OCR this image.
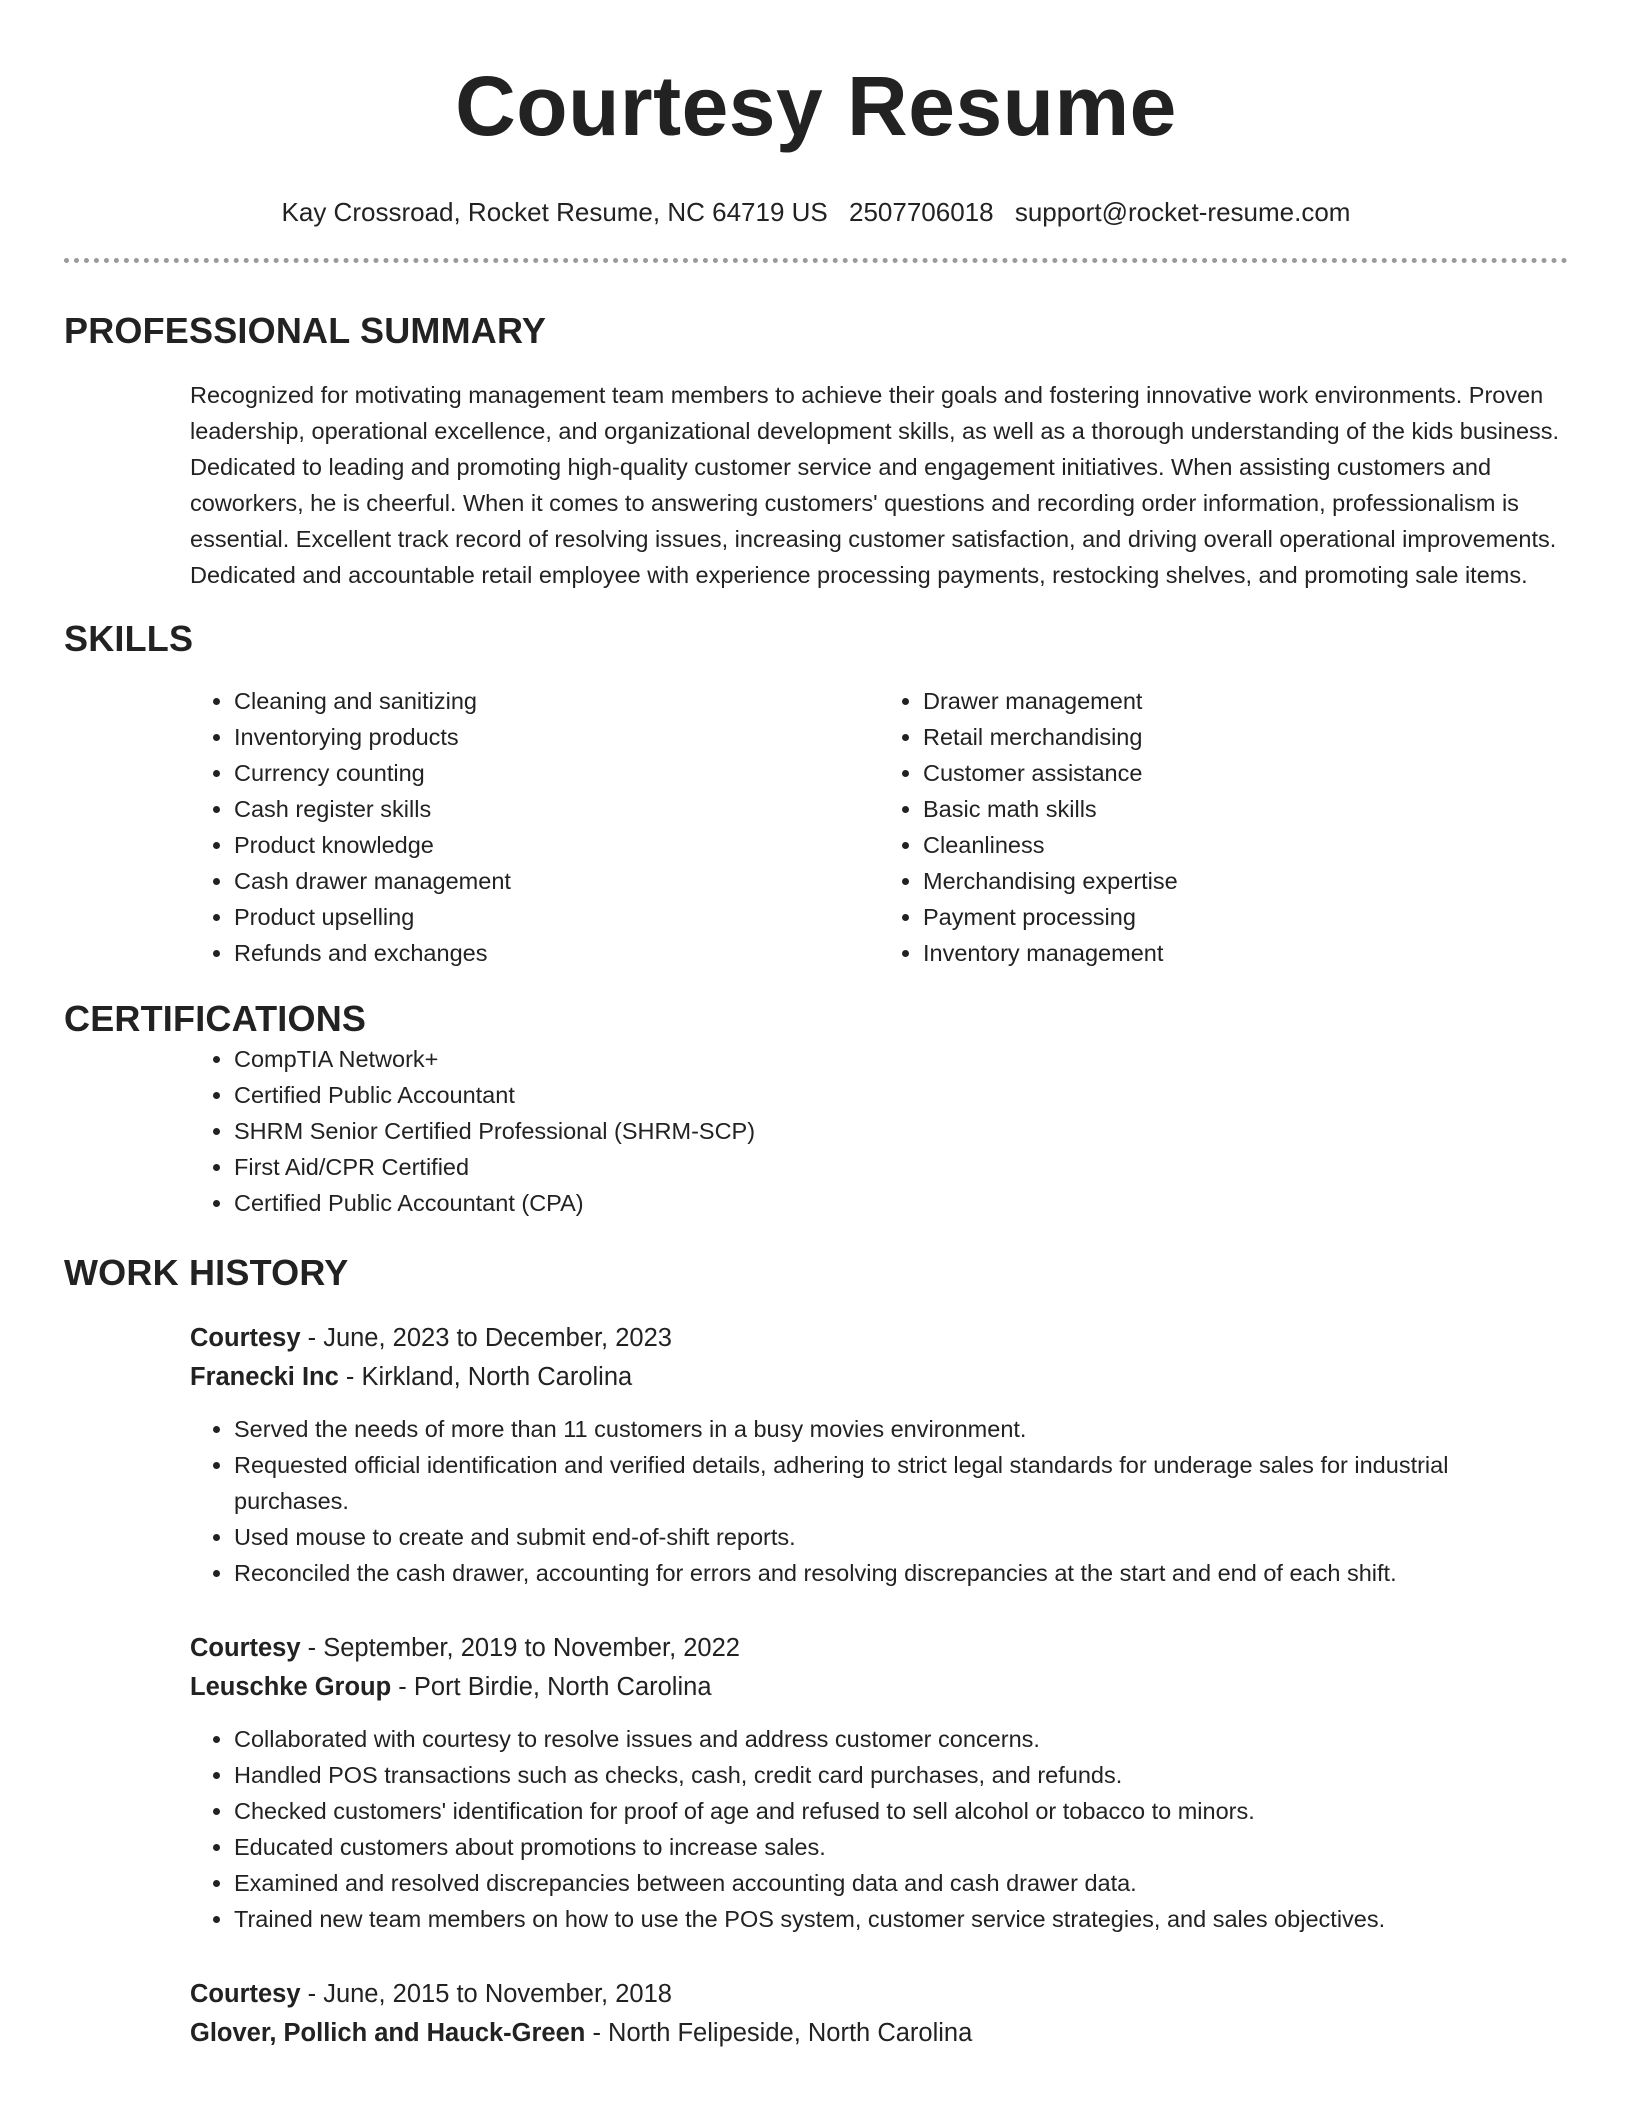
Courtesy Resume
Kay Crossroad, Rocket Resume, NC 64719 US 2507706018 support@rocket-resume.com
PROFESSIONAL SUMMARY

Recognized for motivating management team members to achieve their goals and fostering innovative work environments. Proven leadership, operational excellence, and organizational development skills, as well as a thorough understanding of the kids business. Dedicated to leading and promoting high-quality customer service and engagement initiatives. When assisting customers and coworkers, he is cheerful. When it comes to answering customers' questions and recording order information, professionalism is essential. Excellent track record of resolving issues, increasing customer satisfaction, and driving overall operational improvements. Dedicated and accountable retail employee with experience processing payments, restocking shelves, and promoting sale items.

SKILLS
• Cleaning and sanitizing
• Inventorying products
• Currency counting
• Cash register skills
• Product knowledge
• Cash drawer management
• Product upselling
• Refunds and exchanges
• Drawer management
• Retail merchandising
• Customer assistance
• Basic math skills
• Cleanliness
• Merchandising expertise
• Payment processing
• Inventory management
CERTIFICATIONS
• CompTIA Network+
• Certified Public Accountant
• SHRM Senior Certified Professional (SHRM-SCP)
• First Aid/CPR Certified
• Certified Public Accountant (CPA)
WORK HISTORY
Courtesy - June, 2023 to December, 2023
Franecki Inc - Kirkland, North Carolina
• Served the needs of more than 11 customers in a busy movies environment.
• Requested official identification and verified details, adhering to strict legal standards for underage sales for industrial purchases.
• Used mouse to create and submit end-of-shift reports.
• Reconciled the cash drawer, accounting for errors and resolving discrepancies at the start and end of each shift.
Courtesy - September, 2019 to November, 2022
Leuschke Group - Port Birdie, North Carolina
• Collaborated with courtesy to resolve issues and address customer concerns.
• Handled POS transactions such as checks, cash, credit card purchases, and refunds.
• Checked customers' identification for proof of age and refused to sell alcohol or tobacco to minors.
• Educated customers about promotions to increase sales.
• Examined and resolved discrepancies between accounting data and cash drawer data.
• Trained new team members on how to use the POS system, customer service strategies, and sales objectives.
Courtesy - June, 2015 to November, 2018
Glover, Pollich and Hauck-Green - North Felipeside, North Carolina
